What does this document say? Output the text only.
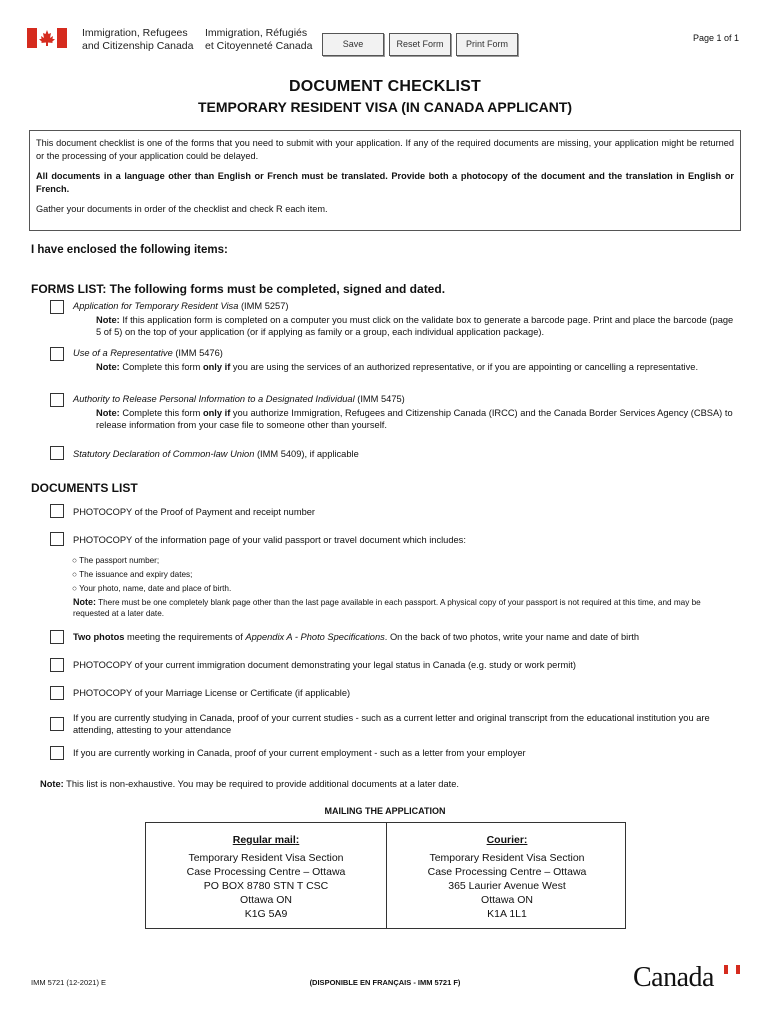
Immigration, Refugees
and Citizenship Canada
Immigration, Réfugiés
et Citoyenneté Canada	Save	Reset Form	Print Form
Page 1 of 1
DOCUMENT CHECKLIST
TEMPORARY RESIDENT VISA (IN CANADA APPLICANT)

This document checklist is one of the forms that you need to submit with your application. If any of the required documents are missing, your application might be returned or the processing of your application could be delayed.

All documents in a language other than English or French must be translated. Provide both a photocopy of the document and the translation in English or French.

Gather your documents in order of the checklist and check R each item.

I have enclosed the following items:
FORMS LIST: The following forms must be completed, signed and dated.
Application for Temporary Resident Visa (IMM 5257)
Note: If this application form is completed on a computer you must click on the validate box to generate a barcode page. Print and place the barcode (page 5 of 5) on the top of your application (or if applying as family or a group, each individual application package).
Use of a Representative (IMM 5476)
Note: Complete this form only if you are using the services of an authorized representative, or if you are appointing or cancelling a representative.
Authority to Release Personal Information to a Designated Individual (IMM 5475)
Note: Complete this form only if you authorize Immigration, Refugees and Citizenship Canada (IRCC) and the Canada Border Services Agency (CBSA) to release information from your case file to someone other than yourself.
Statutory Declaration of Common-law Union (IMM 5409), if applicable
DOCUMENTS LIST
PHOTOCOPY of the Proof of Payment and receipt number
PHOTOCOPY of the information page of your valid passport or travel document which includes:
○ The passport number;
○ The issuance and expiry dates;
○ Your photo, name, date and place of birth.
Note: There must be one completely blank page other than the last page available in each passport. A physical copy of your passport is not required at this time, and may be requested at a later date.
Two photos meeting the requirements of Appendix A - Photo Specifications. On the back of two photos, write your name and date of birth
PHOTOCOPY of your current immigration document demonstrating your legal status in Canada (e.g. study or work permit)
PHOTOCOPY of your Marriage License or Certificate (if applicable)
If you are currently studying in Canada, proof of your current studies - such as a current letter and original transcript from the educational institution you are attending, attesting to your attendance
If you are currently working in Canada, proof of your current employment - such as a letter from your employer
Note: This list is non-exhaustive. You may be required to provide additional documents at a later date.
MAILING THE APPLICATION
Regular mail:
Temporary Resident Visa Section
Case Processing Centre – Ottawa
PO BOX 8780 STN T CSC
Ottawa ON
K1G 5A9
Courier:
Temporary Resident Visa Section
Case Processing Centre – Ottawa
365 Laurier Avenue West
Ottawa ON
K1A 1L1
IMM 5721 (12-2021) E	(DISPONIBLE EN FRANÇAIS - IMM 5721 F)	Canada
